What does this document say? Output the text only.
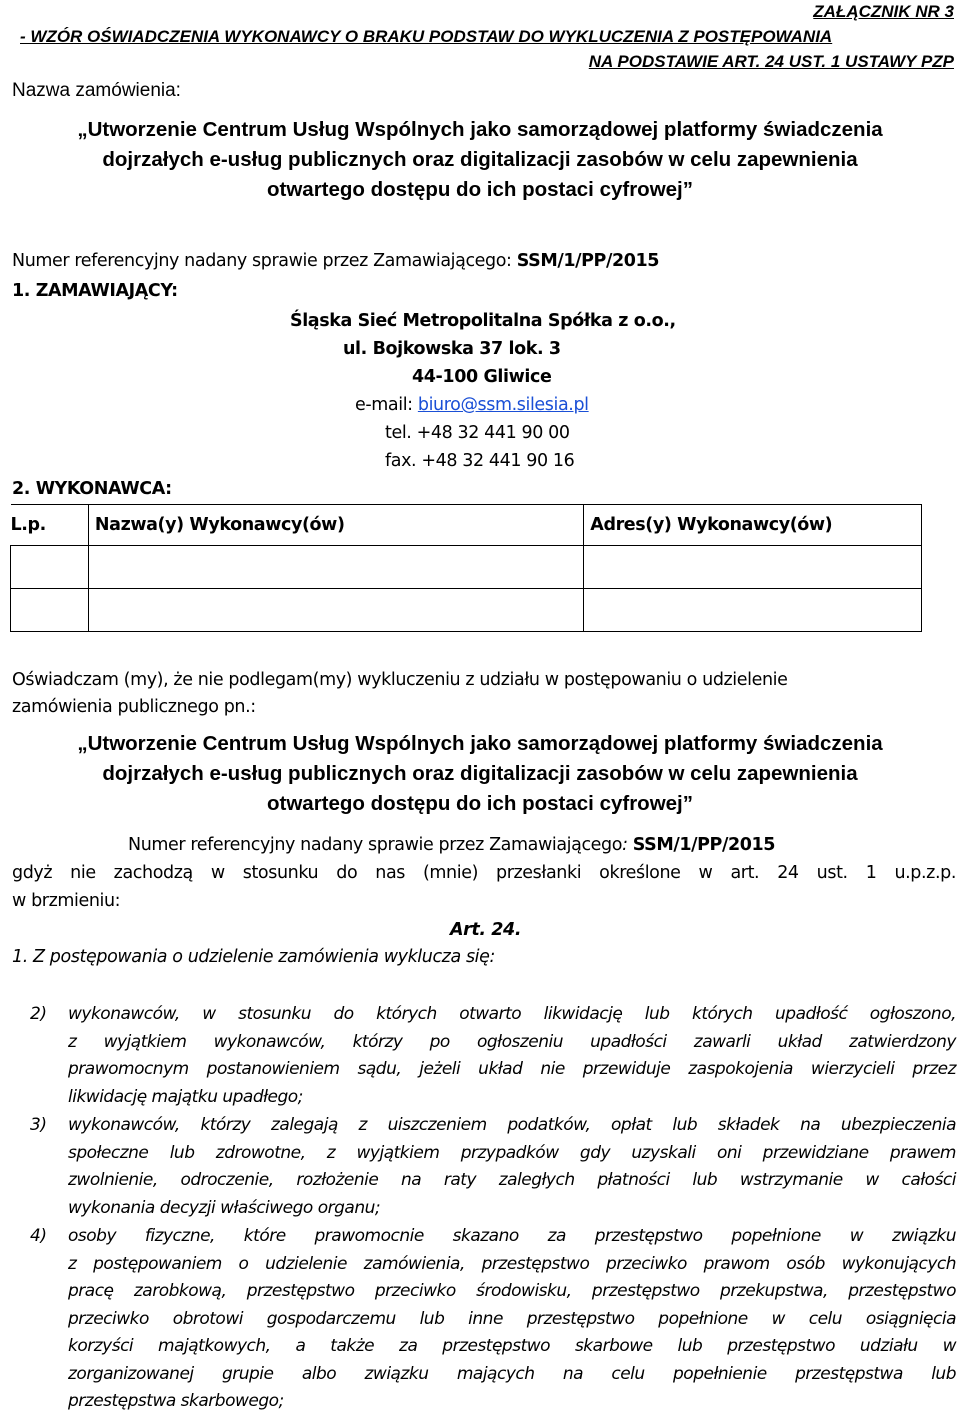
ZAŁĄCZNIK NR 3
- WZÓR OŚWIADCZENIA WYKONAWCY O BRAKU PODSTAW DO WYKLUCZENIA Z POSTĘPOWANIA
NA PODSTAWIE ART. 24 UST. 1 USTAWY PZP
Nazwa zamówienia:
„Utworzenie Centrum Usług Wspólnych jako samorządowej platformy świadczenia
dojrzałych e-usług publicznych oraz digitalizacji zasobów w celu zapewnienia
otwartego dostępu do ich postaci cyfrowej”
Numer referencyjny nadany sprawie przez Zamawiającego: SSM/1/PP/2015
1. ZAMAWIAJĄCY:
Śląska Sieć Metropolitalna Spółka z o.o.,
ul. Bojkowska 37 lok. 3
44-100 Gliwice
e-mail: biuro@ssm.silesia.pl
tel. +48 32 441 90 00
fax. +48 32 441 90 16
2. WYKONAWCA:
L.p.	Nazwa(y) Wykonawcy(ów)	Adres(y) Wykonawcy(ów)

Oświadczam (my), że nie podlegam(my) wykluczeniu z udziału w postępowaniu o udzielenie
zamówienia publicznego pn.:
„Utworzenie Centrum Usług Wspólnych jako samorządowej platformy świadczenia
dojrzałych e-usług publicznych oraz digitalizacji zasobów w celu zapewnienia
otwartego dostępu do ich postaci cyfrowej”
Numer referencyjny nadany sprawie przez Zamawiającego: SSM/1/PP/2015
gdyż nie zachodzą w stosunku do nas (mnie) przesłanki określone w art. 24 ust. 1 u.p.z.p.
w brzmieniu:
Art. 24.
1. Z postępowania o udzielenie zamówienia wyklucza się:
2) wykonawców, w stosunku do których otwarto likwidację lub których upadłość ogłoszono,
z wyjątkiem wykonawców, którzy po ogłoszeniu upadłości zawarli układ zatwierdzony
prawomocnym postanowieniem sądu, jeżeli układ nie przewiduje zaspokojenia wierzycieli przez
likwidację majątku upadłego;
3) wykonawców, którzy zalegają z uiszczeniem podatków, opłat lub składek na ubezpieczenia
społeczne lub zdrowotne, z wyjątkiem przypadków gdy uzyskali oni przewidziane prawem
zwolnienie, odroczenie, rozłożenie na raty zaległych płatności lub wstrzymanie w całości
wykonania decyzji właściwego organu;
4) osoby fizyczne, które prawomocnie skazano za przestępstwo popełnione w związku
z postępowaniem o udzielenie zamówienia, przestępstwo przeciwko prawom osób wykonujących
pracę zarobkową, przestępstwo przeciwko środowisku, przestępstwo przekupstwa, przestępstwo
przeciwko obrotowi gospodarczemu lub inne przestępstwo popełnione w celu osiągnięcia
korzyści majątkowych, a także za przestępstwo skarbowe lub przestępstwo udziału w
zorganizowanej grupie albo związku mających na celu popełnienie przestępstwa lub
przestępstwa skarbowego;
